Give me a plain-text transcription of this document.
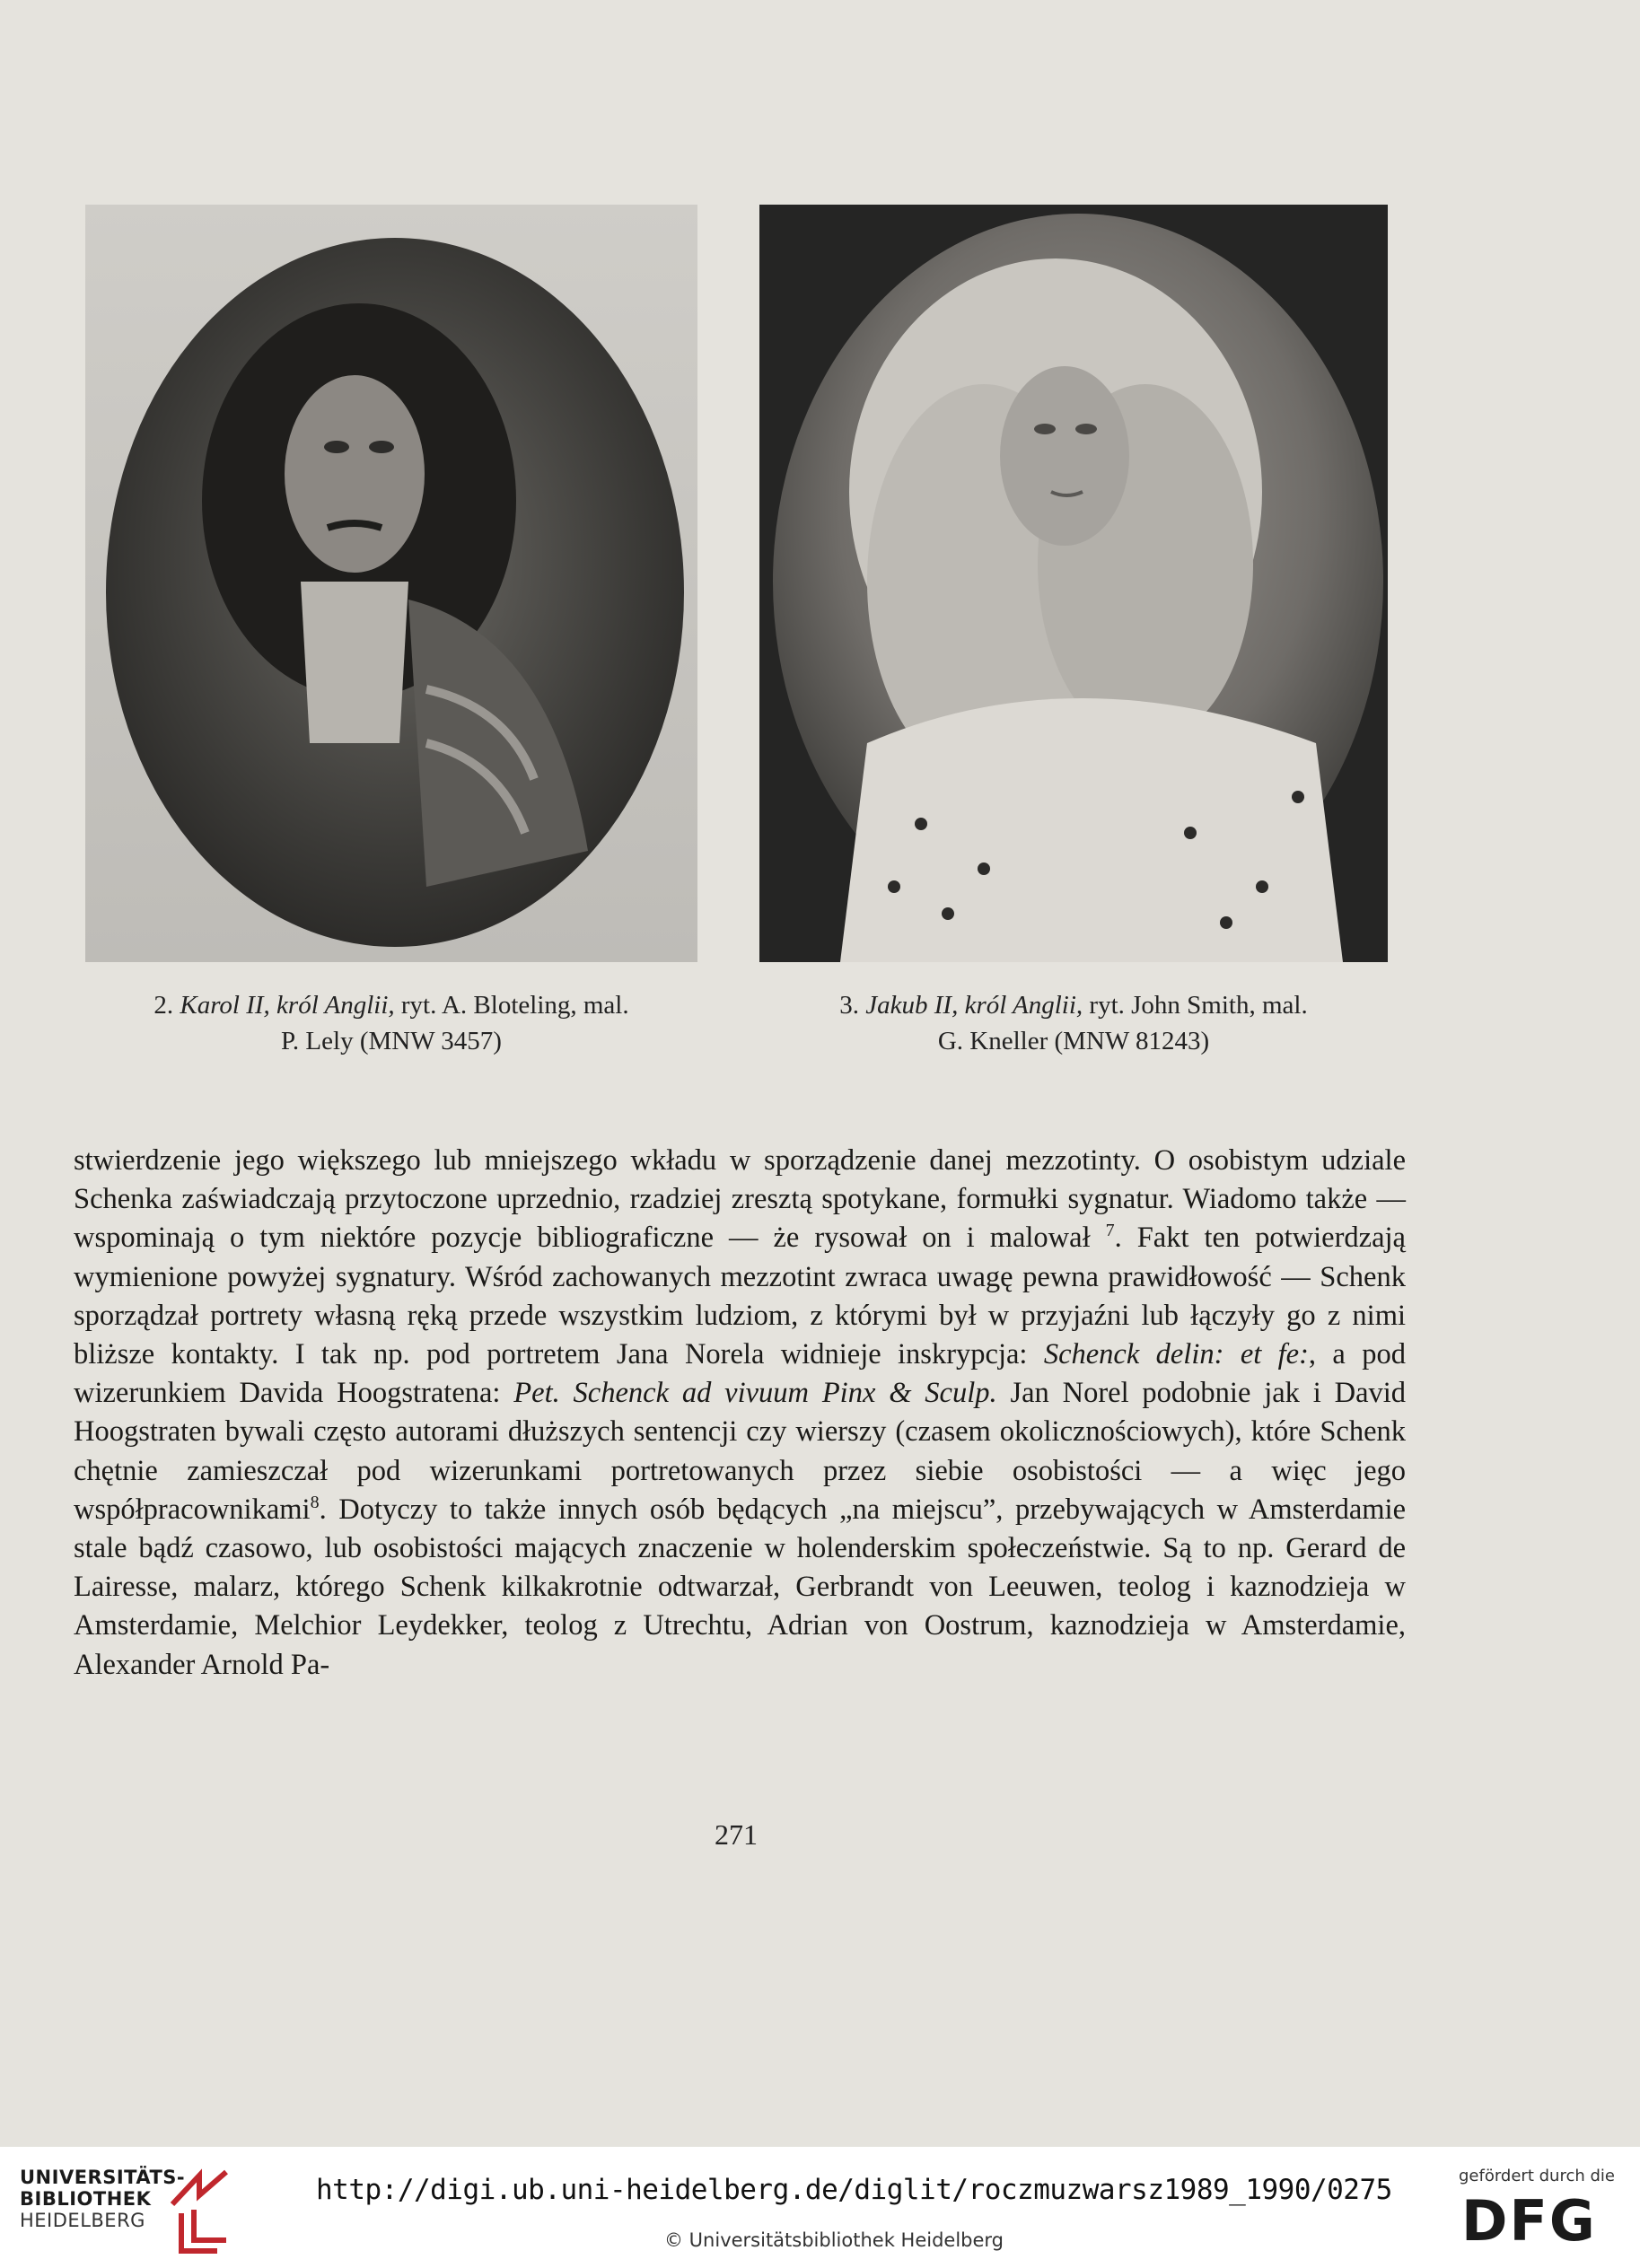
2. Karol II, król Anglii, ryt. A. Bloteling, mal.
P. Lely (MNW 3457)
3. Jakub II, król Anglii, ryt. John Smith, mal.
G. Kneller (MNW 81243)

stwierdzenie jego większego lub mniejszego wkładu w sporządzenie danej mezzotinty. O osobistym udziale Schenka zaświadczają przytoczone uprzednio, rzadziej zresztą spotykane, formułki sygnatur. Wiadomo także — wspominają o tym niektóre pozycje bibliograficzne — że rysował on i malował $^7$. Fakt ten potwierdzają wymienione powyżej sygnatury. Wśród zachowanych mezzotint zwraca uwagę pewna prawidłowość — Schenk sporządzał portrety własną ręką przede wszystkim ludziom, z którymi był w przyjaźni lub łączyły go z nimi bliższe kontakty. I tak np. pod portretem Jana Norela widnieje inskrypcja: Schenck delin: et fe:, a pod wizerunkiem Davida Hoogstratena: Pet. Schenck ad vivuum Pinx & Sculp. Jan Norel podobnie jak i David Hoogstraten bywali często autorami dłuższych sentencji czy wierszy (czasem okolicznościowych), które Schenk chętnie zamieszczał pod wizerunkami portretowanych przez siebie osobistości — a więc jego współpracownikami$^8$. Dotyczy to także innych osób będących „na miejscu”, przebywających w Amsterdamie stale bądź czasowo, lub osobistości mających znaczenie w holenderskim społeczeństwie. Są to np. Gerard de Lairesse, malarz, którego Schenk kilkakrotnie odtwarzał, Gerbrandt von Leeuwen, teolog i kaznodzieja w Amsterdamie, Melchior Leydekker, teolog z Utrechtu, Adrian von Oostrum, kaznodzieja w Amsterdamie, Alexander Arnold Pa-

271
UNIVERSITÄTS-
BIBLIOTHEK
HEIDELBERG
http://digi.ub.uni-heidelberg.de/diglit/roczmuzwarsz1989_1990/0275
© Universitätsbibliothek Heidelberg
gefördert durch die
DFG
